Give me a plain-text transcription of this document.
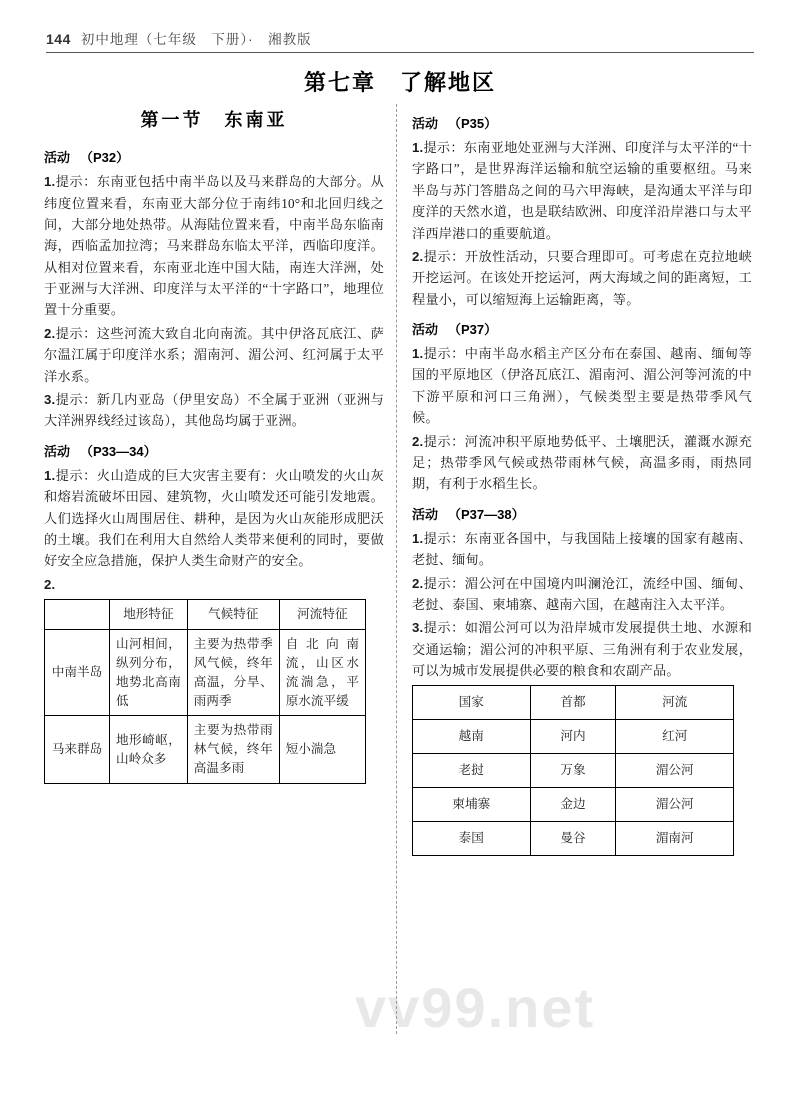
144 初中地理（七年级　下册）·　湘教版
第七章　了解地区
第一节　东南亚
活动 （P32）

1.提示：东南亚包括中南半岛以及马来群岛的大部分。从纬度位置来看，东南亚大部分位于南纬10°和北回归线之间，大部分地处热带。从海陆位置来看，中南半岛东临南海，西临孟加拉湾；马来群岛东临太平洋，西临印度洋。从相对位置来看，东南亚北连中国大陆，南连大洋洲，处于亚洲与大洋洲、印度洋与太平洋的“十字路口”，地理位置十分重要。

2.提示：这些河流大致自北向南流。其中伊洛瓦底江、萨尔温江属于印度洋水系；湄南河、湄公河、红河属于太平洋水系。

3.提示：新几内亚岛（伊里安岛）不全属于亚洲（亚洲与大洋洲界线经过该岛），其他岛均属于亚洲。

活动 （P33—34）

1.提示：火山造成的巨大灾害主要有：火山喷发的火山灰和熔岩流破坏田园、建筑物，火山喷发还可能引发地震。人们选择火山周围居住、耕种，是因为火山灰能形成肥沃的土壤。我们在利用大自然给人类带来便利的同时，要做好安全应急措施，保护人类生命财产的安全。

2.

	地形特征	气候特征	河流特征
中南半岛	山河相间，纵列分布，地势北高南低	主要为热带季风气候，终年高温，分旱、雨两季	自北向南流，山区水流湍急，平原水流平缓
马来群岛	地形崎岖，山岭众多	主要为热带雨林气候，终年高温多雨	短小湍急
活动 （P35）

1.提示：东南亚地处亚洲与大洋洲、印度洋与太平洋的“十字路口”，是世界海洋运输和航空运输的重要枢纽。马来半岛与苏门答腊岛之间的马六甲海峡，是沟通太平洋与印度洋的天然水道，也是联结欧洲、印度洋沿岸港口与太平洋西岸港口的重要航道。

2.提示：开放性活动，只要合理即可。可考虑在克拉地峡开挖运河。在该处开挖运河，两大海域之间的距离短，工程量小，可以缩短海上运输距离，等。

活动 （P37）

1.提示：中南半岛水稻主产区分布在泰国、越南、缅甸等国的平原地区（伊洛瓦底江、湄南河、湄公河等河流的中下游平原和河口三角洲），气候类型主要是热带季风气候。

2.提示：河流冲积平原地势低平、土壤肥沃，灌溉水源充足；热带季风气候或热带雨林气候，高温多雨，雨热同期，有利于水稻生长。

活动 （P37—38）

1.提示：东南亚各国中，与我国陆上接壤的国家有越南、老挝、缅甸。

2.提示：湄公河在中国境内叫澜沧江，流经中国、缅甸、老挝、泰国、柬埔寨、越南六国，在越南注入太平洋。

3.提示：如湄公河可以为沿岸城市发展提供土地、水源和交通运输；湄公河的冲积平原、三角洲有利于农业发展，可以为城市发展提供必要的粮食和农副产品。

国家	首都	河流
越南	河内	红河
老挝	万象	湄公河
柬埔寨	金边	湄公河
泰国	曼谷	湄南河
vv99.net
